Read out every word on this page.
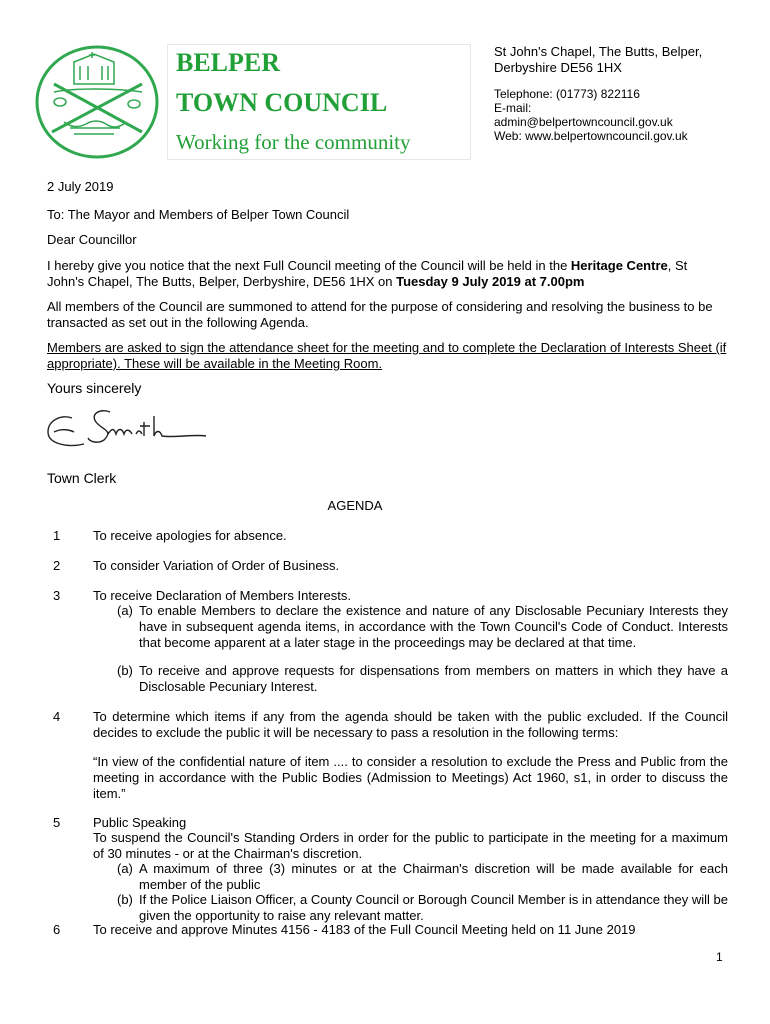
BELPER
TOWN COUNCIL
Working for the community
St John's Chapel, The Butts, Belper,
Derbyshire DE56 1HX
Telephone: (01773) 822116
E-mail:
admin@belpertowncouncil.gov.uk
Web: www.belpertowncouncil.gov.uk
2 July 2019
To: The Mayor and Members of Belper Town Council
Dear Councillor
I hereby give you notice that the next Full Council meeting of the Council will be held in the Heritage Centre, St John's Chapel, The Butts, Belper, Derbyshire, DE56 1HX on Tuesday 9 July 2019 at 7.00pm
All members of the Council are summoned to attend for the purpose of considering and resolving the business to be transacted as set out in the following Agenda.
Members are asked to sign the attendance sheet for the meeting and to complete the Declaration of Interests Sheet (if appropriate). These will be available in the Meeting Room.
Yours sincerely
Town Clerk
AGENDA
1	To receive apologies for absence.
2	To consider Variation of Order of Business.
3	To receive Declaration of Members Interests.
(a) To enable Members to declare the existence and nature of any Disclosable Pecuniary Interests they have in subsequent agenda items, in accordance with the Town Council's Code of Conduct. Interests that become apparent at a later stage in the proceedings may be declared at that time.
(b) To receive and approve requests for dispensations from members on matters in which they have a Disclosable Pecuniary Interest.
4	To determine which items if any from the agenda should be taken with the public excluded. If the Council decides to exclude the public it will be necessary to pass a resolution in the following terms:
“In view of the confidential nature of item .... to consider a resolution to exclude the Press and Public from the meeting in accordance with the Public Bodies (Admission to Meetings) Act 1960, s1, in order to discuss the item.”
5	Public Speaking
To suspend the Council's Standing Orders in order for the public to participate in the meeting for a maximum of 30 minutes - or at the Chairman's discretion.
(a) A maximum of three (3) minutes or at the Chairman's discretion will be made available for each member of the public
(b) If the Police Liaison Officer, a County Council or Borough Council Member is in attendance they will be given the opportunity to raise any relevant matter.
6	To receive and approve Minutes 4156 - 4183 of the Full Council Meeting held on 11 June 2019
1
